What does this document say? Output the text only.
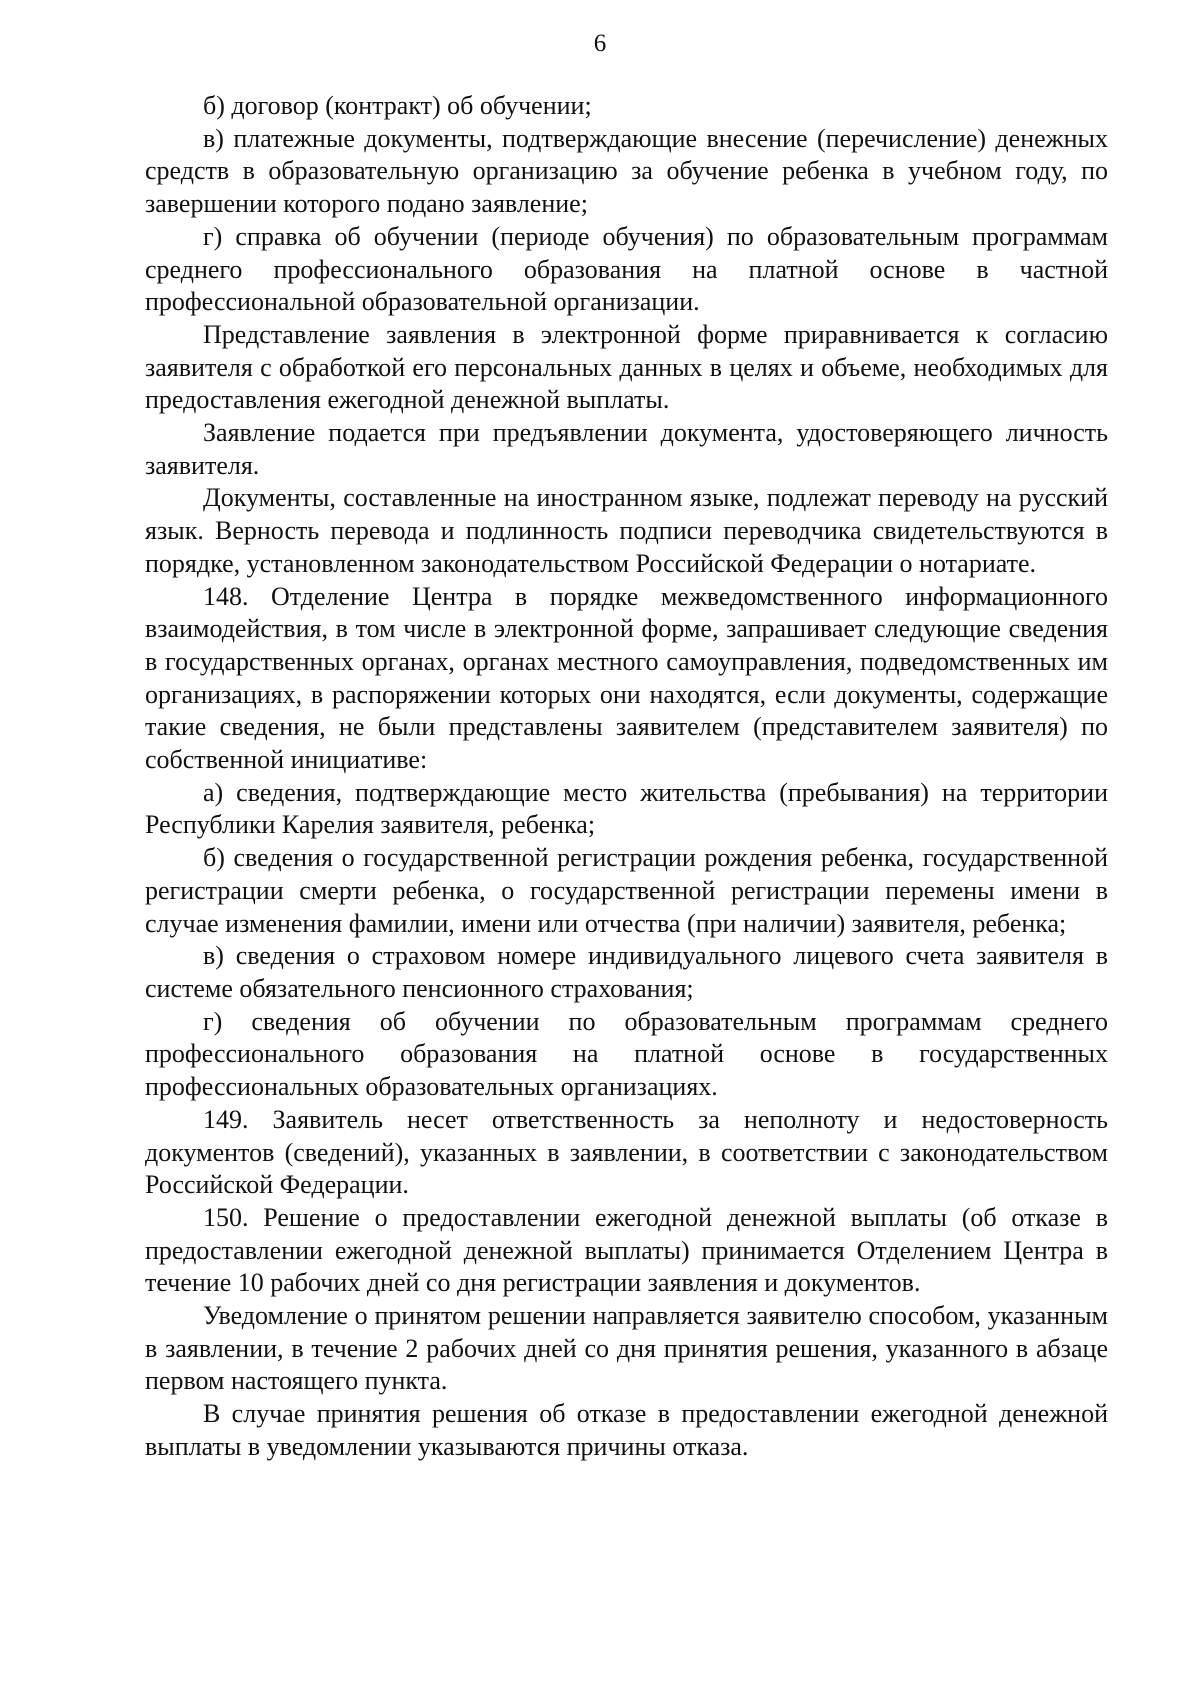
6

б) договор (контракт) об обучении;

в) платежные документы, подтверждающие внесение (перечисление) денежных средств в образовательную организацию за обучение ребенка в учебном году, по завершении которого подано заявление;

г) справка об обучении (периоде обучения) по образовательным программам среднего профессионального образования на платной основе в частной профессиональной образовательной организации.

Представление заявления в электронной форме приравнивается к согласию заявителя с обработкой его персональных данных в целях и объеме, необходимых для предоставления ежегодной денежной выплаты.

Заявление подается при предъявлении документа, удостоверяющего личность заявителя.

Документы, составленные на иностранном языке, подлежат переводу на русский язык. Верность перевода и подлинность подписи переводчика свидетельствуются в порядке, установленном законодательством Российской Федерации о нотариате.

148. Отделение Центра в порядке межведомственного информационного взаимодействия, в том числе в электронной форме, запрашивает следующие сведения в государственных органах, органах местного самоуправления, подведомственных им организациях, в распоряжении которых они находятся, если документы, содержащие такие сведения, не были представлены заявителем (представителем заявителя) по собственной инициативе:

а) сведения, подтверждающие место жительства (пребывания) на территории Республики Карелия заявителя, ребенка;

б) сведения о государственной регистрации рождения ребенка, государственной регистрации смерти ребенка, о государственной регистрации перемены имени в случае изменения фамилии, имени или отчества (при наличии) заявителя, ребенка;

в) сведения о страховом номере индивидуального лицевого счета заявителя в системе обязательного пенсионного страхования;

г) сведения об обучении по образовательным программам среднего профессионального образования на платной основе в государственных профессиональных образовательных организациях.

149. Заявитель несет ответственность за неполноту и недостоверность документов (сведений), указанных в заявлении, в соответствии с законодательством Российской Федерации.

150. Решение о предоставлении ежегодной денежной выплаты (об отказе в предоставлении ежегодной денежной выплаты) принимается Отделением Центра в течение 10 рабочих дней со дня регистрации заявления и документов.

Уведомление о принятом решении направляется заявителю способом, указанным в заявлении, в течение 2 рабочих дней со дня принятия решения, указанного в абзаце первом настоящего пункта.

В случае принятия решения об отказе в предоставлении ежегодной денежной выплаты в уведомлении указываются причины отказа.
